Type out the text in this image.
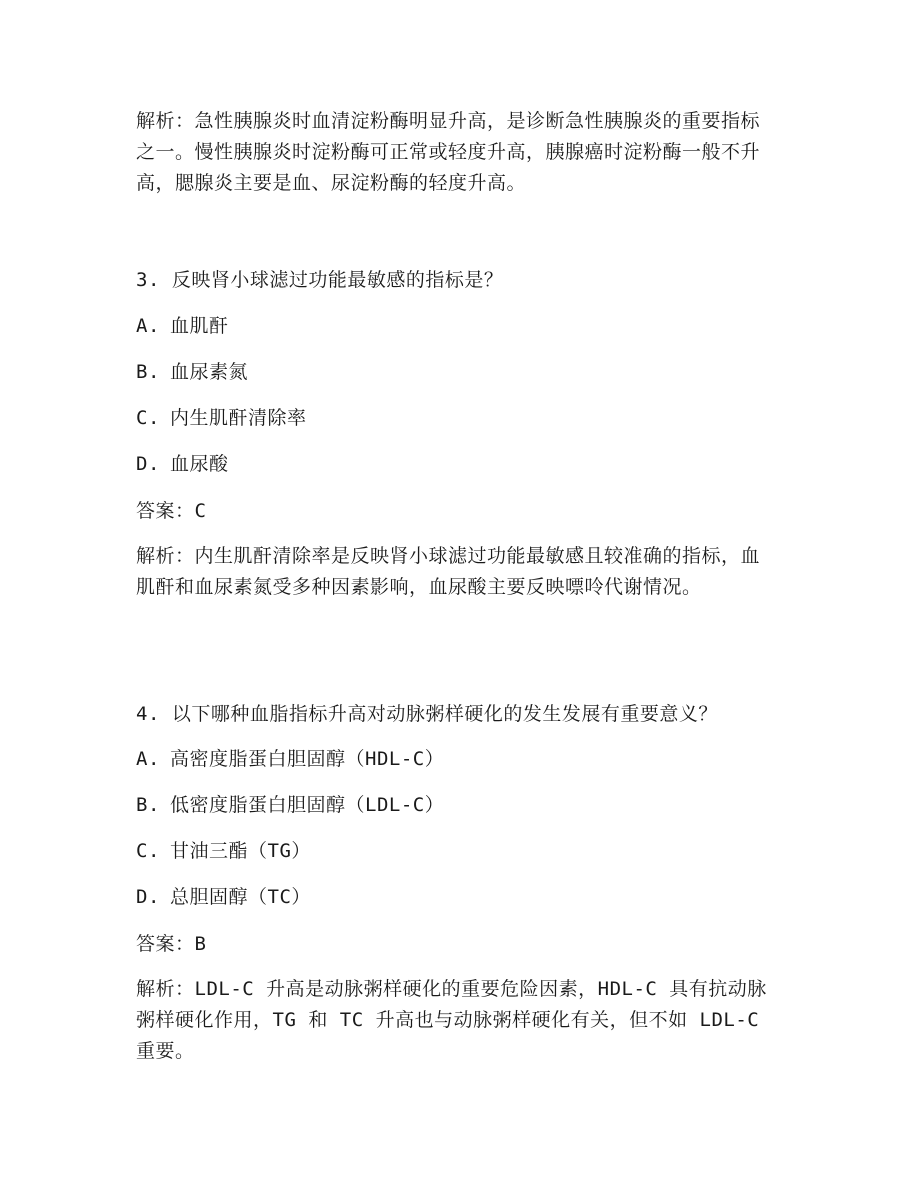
解析：急性胰腺炎时血清淀粉酶明显升高，是诊断急性胰腺炎的重要指标之一。慢性胰腺炎时淀粉酶可正常或轻度升高，胰腺癌时淀粉酶一般不升高，腮腺炎主要是血、尿淀粉酶的轻度升高。
3. 反映肾小球滤过功能最敏感的指标是？
A. 血肌酐
B. 血尿素氮
C. 内生肌酐清除率
D. 血尿酸
答案：C
解析：内生肌酐清除率是反映肾小球滤过功能最敏感且较准确的指标，血肌酐和血尿素氮受多种因素影响，血尿酸主要反映嘌呤代谢情况。
4. 以下哪种血脂指标升高对动脉粥样硬化的发生发展有重要意义？
A. 高密度脂蛋白胆固醇（HDL-C）
B. 低密度脂蛋白胆固醇（LDL-C）
C. 甘油三酯（TG）
D. 总胆固醇（TC）
答案：B
解析：LDL-C 升高是动脉粥样硬化的重要危险因素，HDL-C 具有抗动脉粥样硬化作用，TG 和 TC 升高也与动脉粥样硬化有关，但不如 LDL-C 重要。
